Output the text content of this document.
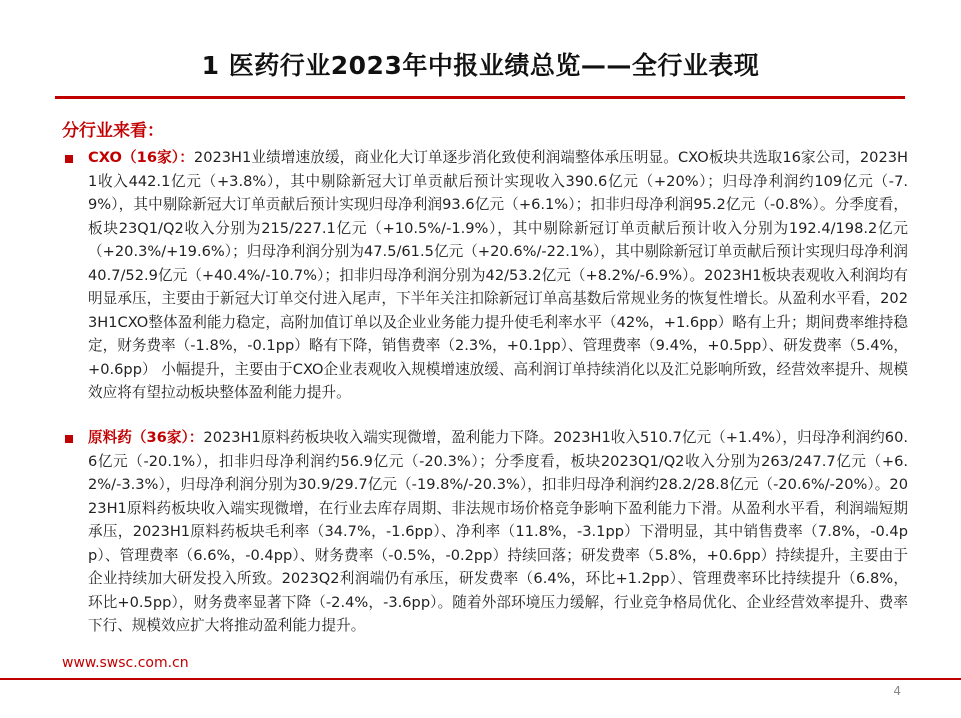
1 医药行业2023年中报业绩总览——全行业表现
分行业来看：
CXO（16家）：2023H1业绩增速放缓，商业化大订单逐步消化致使利润端整体承压明显。CXO板块共选取16家公司，2023H1收入442.1亿元（+3.8%），其中剔除新冠大订单贡献后预计实现收入390.6亿元（+20%）；归母净利润约109亿元（-7.9%），其中剔除新冠大订单贡献后预计实现归母净利润93.6亿元（+6.1%）；扣非归母净利润95.2亿元（-0.8%）。分季度看，板块23Q1/Q2收入分别为215/227.1亿元（+10.5%/-1.9%），其中剔除新冠订单贡献后预计收入分别为192.4/198.2亿元（+20.3%/+19.6%）；归母净利润分别为47.5/61.5亿元（+20.6%/-22.1%），其中剔除新冠订单贡献后预计实现归母净利润40.7/52.9亿元（+40.4%/-10.7%）；扣非归母净利润分别为42/53.2亿元（+8.2%/-6.9%）。2023H1板块表观收入利润均有明显承压，主要由于新冠大订单交付进入尾声，下半年关注扣除新冠订单高基数后常规业务的恢复性增长。从盈利水平看，2023H1CXO整体盈利能力稳定，高附加值订单以及企业业务能力提升使毛利率水平（42%，+1.6pp）略有上升；期间费率维持稳定，财务费率（-1.8%，-0.1pp）略有下降，销售费率（2.3%，+0.1pp）、管理费率（9.4%，+0.5pp）、研发费率（5.4%，+0.6pp） 小幅提升，主要由于CXO企业表观收入规模增速放缓、高利润订单持续消化以及汇兑影响所致，经营效率提升、规模效应将有望拉动板块整体盈利能力提升。
原料药（36家）：2023H1原料药板块收入端实现微增，盈利能力下降。2023H1收入510.7亿元（+1.4%），归母净利润约60.6亿元（-20.1%），扣非归母净利润约56.9亿元（-20.3%）；分季度看，板块2023Q1/Q2收入分别为263/247.7亿元（+6.2%/-3.3%），归母净利润分别为30.9/29.7亿元（-19.8%/-20.3%），扣非归母净利润约28.2/28.8亿元（-20.6%/-20%）。2023H1原料药板块收入端实现微增，在行业去库存周期、非法规市场价格竞争影响下盈利能力下滑。从盈利水平看，利润端短期承压，2023H1原料药板块毛利率（34.7%，-1.6pp）、净利率（11.8%，-3.1pp）下滑明显，其中销售费率（7.8%，-0.4pp）、管理费率（6.6%，-0.4pp）、财务费率（-0.5%，-0.2pp）持续回落；研发费率（5.8%，+0.6pp）持续提升，主要由于企业持续加大研发投入所致。2023Q2利润端仍有承压，研发费率（6.4%，环比+1.2pp）、管理费率环比持续提升（6.8%，环比+0.5pp），财务费率显著下降（-2.4%，-3.6pp）。随着外部环境压力缓解，行业竞争格局优化、企业经营效率提升、费率下行、规模效应扩大将推动盈利能力提升。
www.swsc.com.cn
4
